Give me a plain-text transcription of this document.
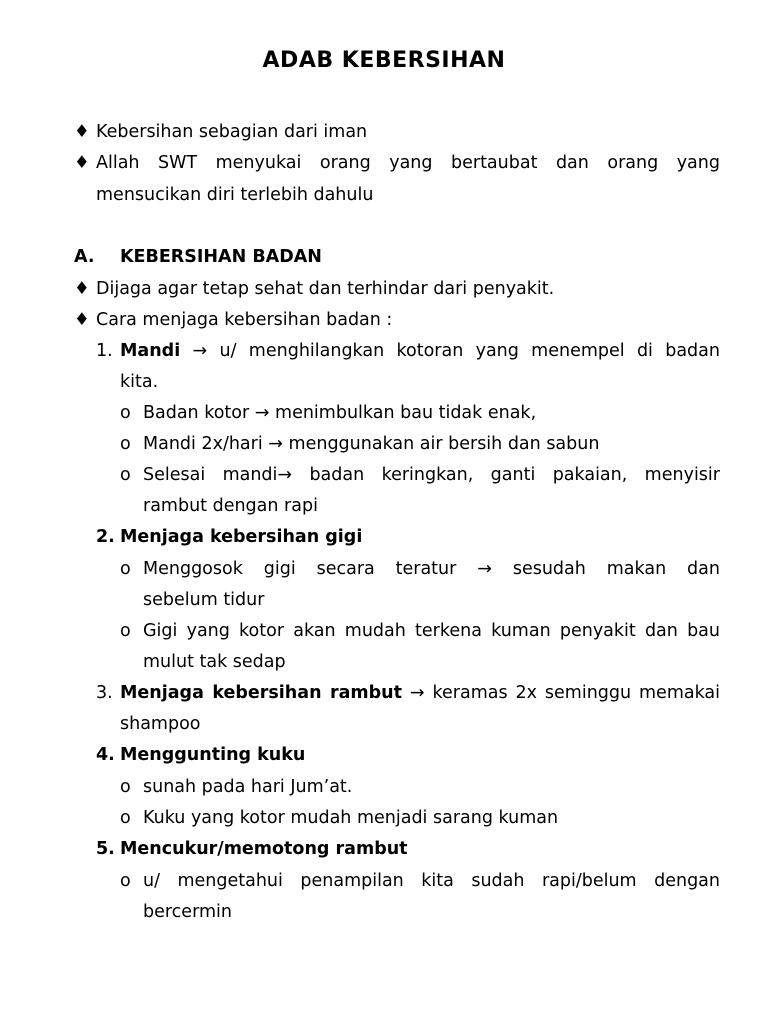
ADAB KEBERSIHAN
♦ Kebersihan sebagian dari iman
♦ Allah SWT menyukai orang yang bertaubat dan orang yang
mensucikan diri terlebih dahulu
A. KEBERSIHAN BADAN
♦ Dijaga agar tetap sehat dan terhindar dari penyakit.
♦ Cara menjaga kebersihan badan :
1. Mandi → u/ menghilangkan kotoran yang menempel di badan
kita.
o Badan kotor → menimbulkan bau tidak enak,
o Mandi 2x/hari → menggunakan air bersih dan sabun
o Selesai mandi→ badan keringkan, ganti pakaian, menyisir
rambut dengan rapi
2. Menjaga kebersihan gigi
o Menggosok gigi secara teratur → sesudah makan dan
sebelum tidur
o Gigi yang kotor akan mudah terkena kuman penyakit dan bau
mulut tak sedap
3. Menjaga kebersihan rambut → keramas 2x seminggu memakai
shampoo
4. Menggunting kuku
o sunah pada hari Jum’at.
o Kuku yang kotor mudah menjadi sarang kuman
5. Mencukur/memotong rambut
o u/ mengetahui penampilan kita sudah rapi/belum dengan
bercermin
